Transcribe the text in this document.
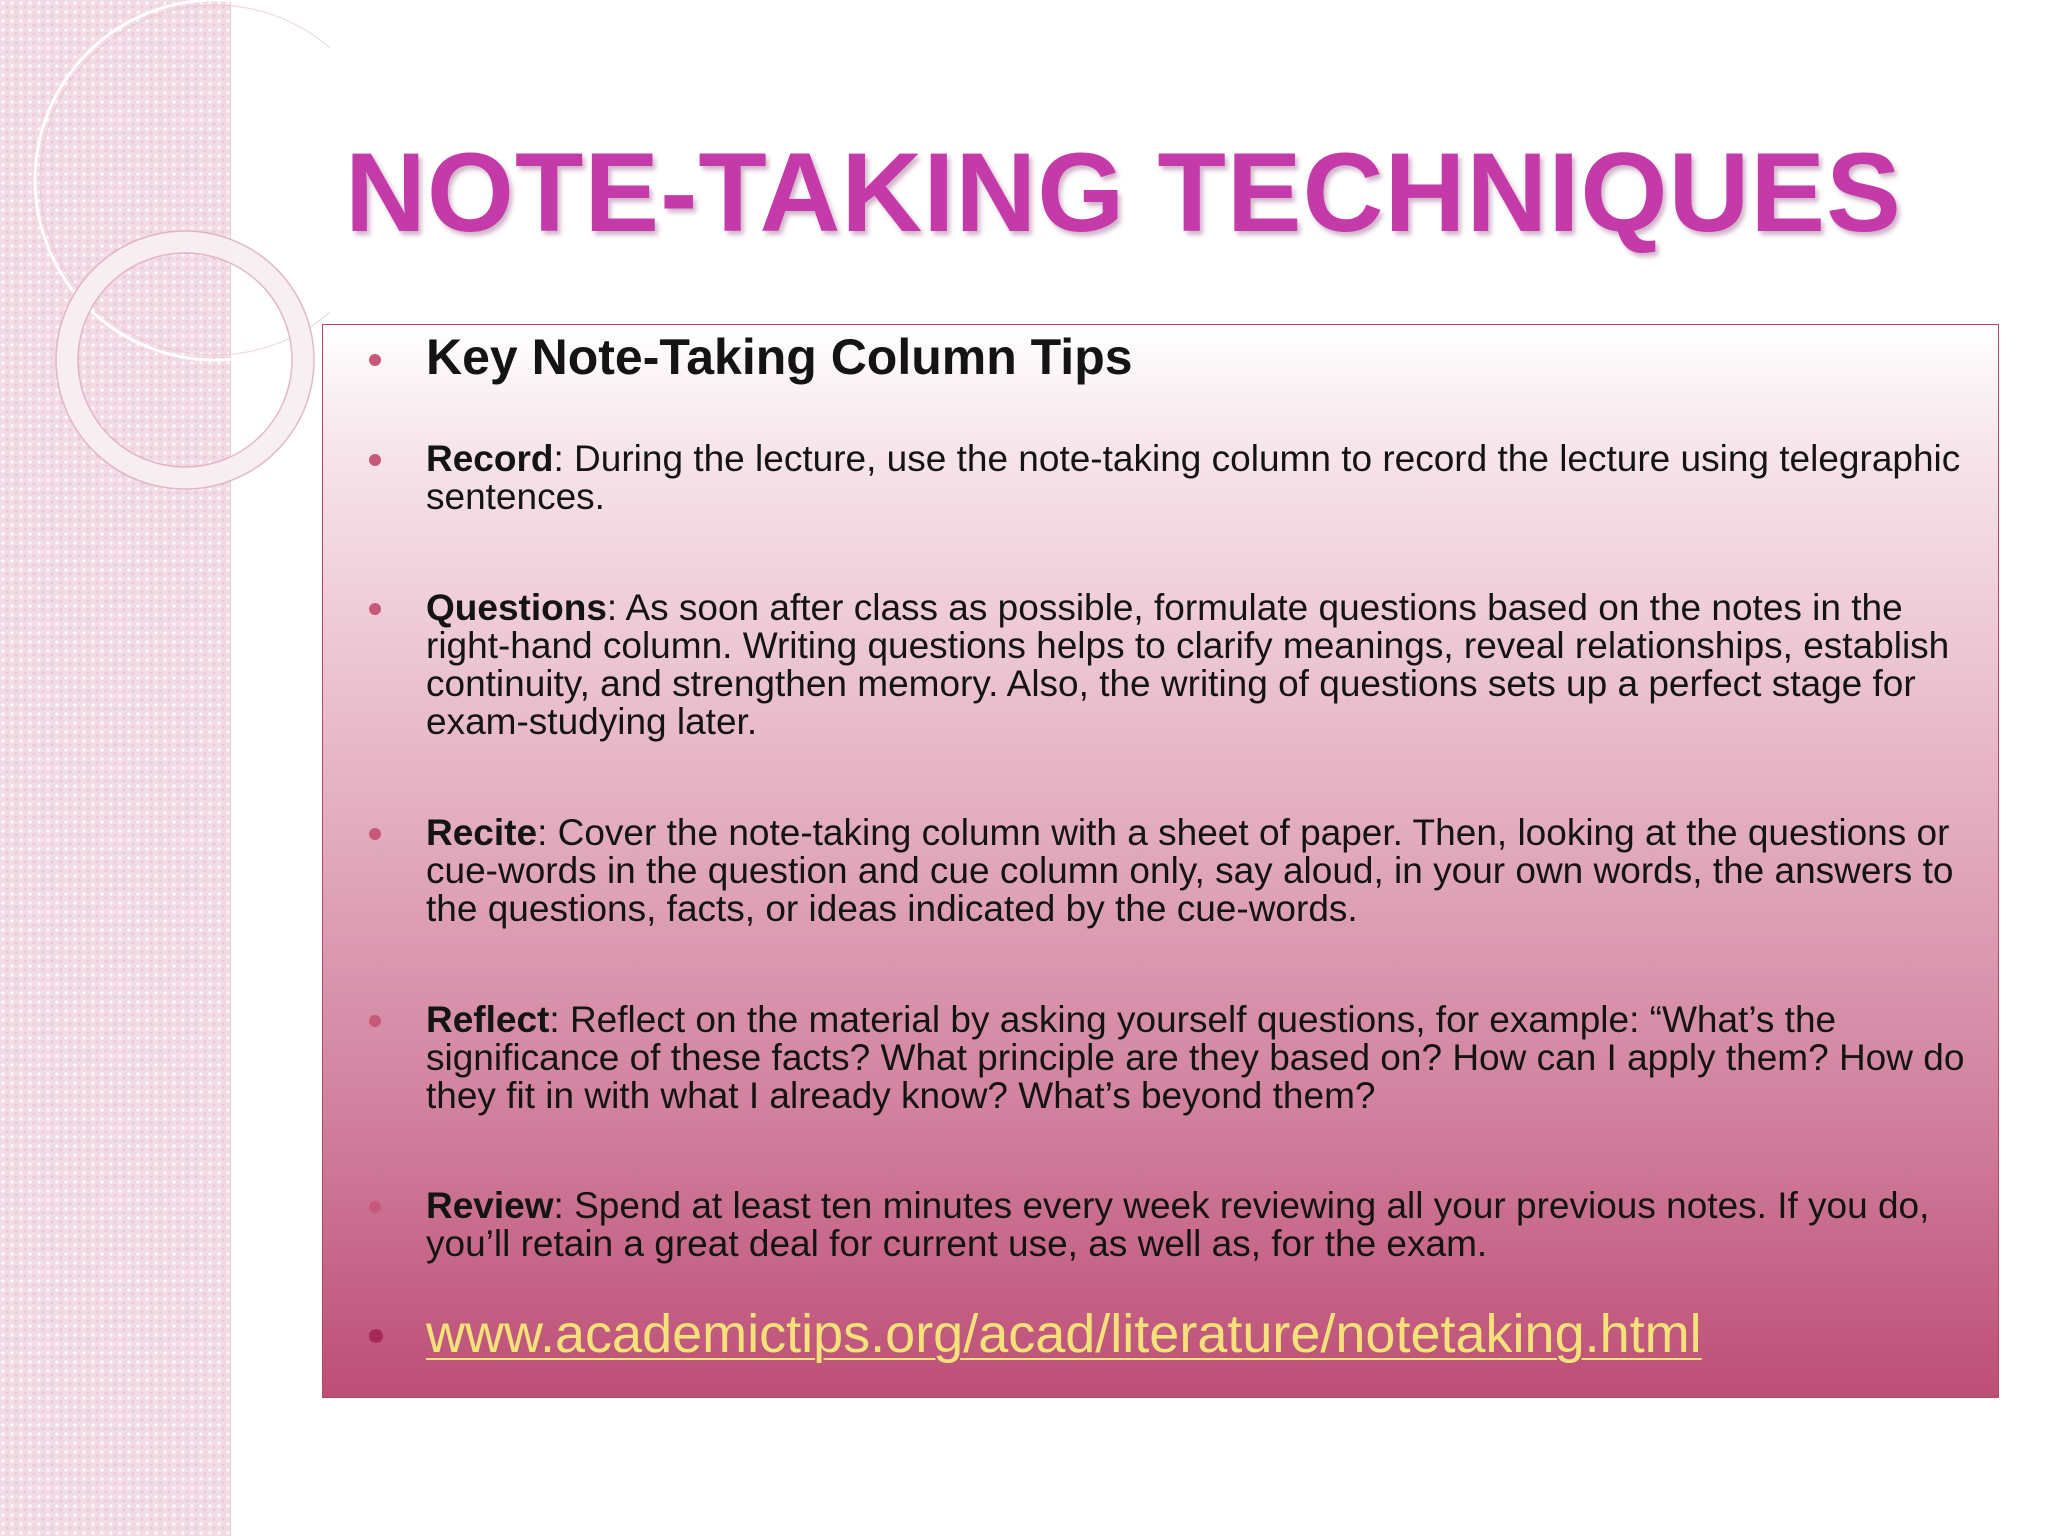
NOTE-TAKING TECHNIQUES
Key Note-Taking Column Tips
Record: During the lecture, use the note-taking column to record the lecture using telegraphic sentences.
Questions: As soon after class as possible, formulate questions based on the notes in the right-hand column. Writing questions helps to clarify meanings, reveal relationships, establish continuity, and strengthen memory. Also, the writing of questions sets up a perfect stage for exam-studying later.
Recite: Cover the note-taking column with a sheet of paper. Then, looking at the questions or cue-words in the question and cue column only, say aloud, in your own words, the answers to the questions, facts, or ideas indicated by the cue-words.
Reflect: Reflect on the material by asking yourself questions, for example: “What’s the significance of these facts? What principle are they based on? How can I apply them? How do they fit in with what I already know? What’s beyond them?
Review: Spend at least ten minutes every week reviewing all your previous notes. If you do, you’ll retain a great deal for current use, as well as, for the exam.
www.academictips.org/acad/literature/notetaking.html
